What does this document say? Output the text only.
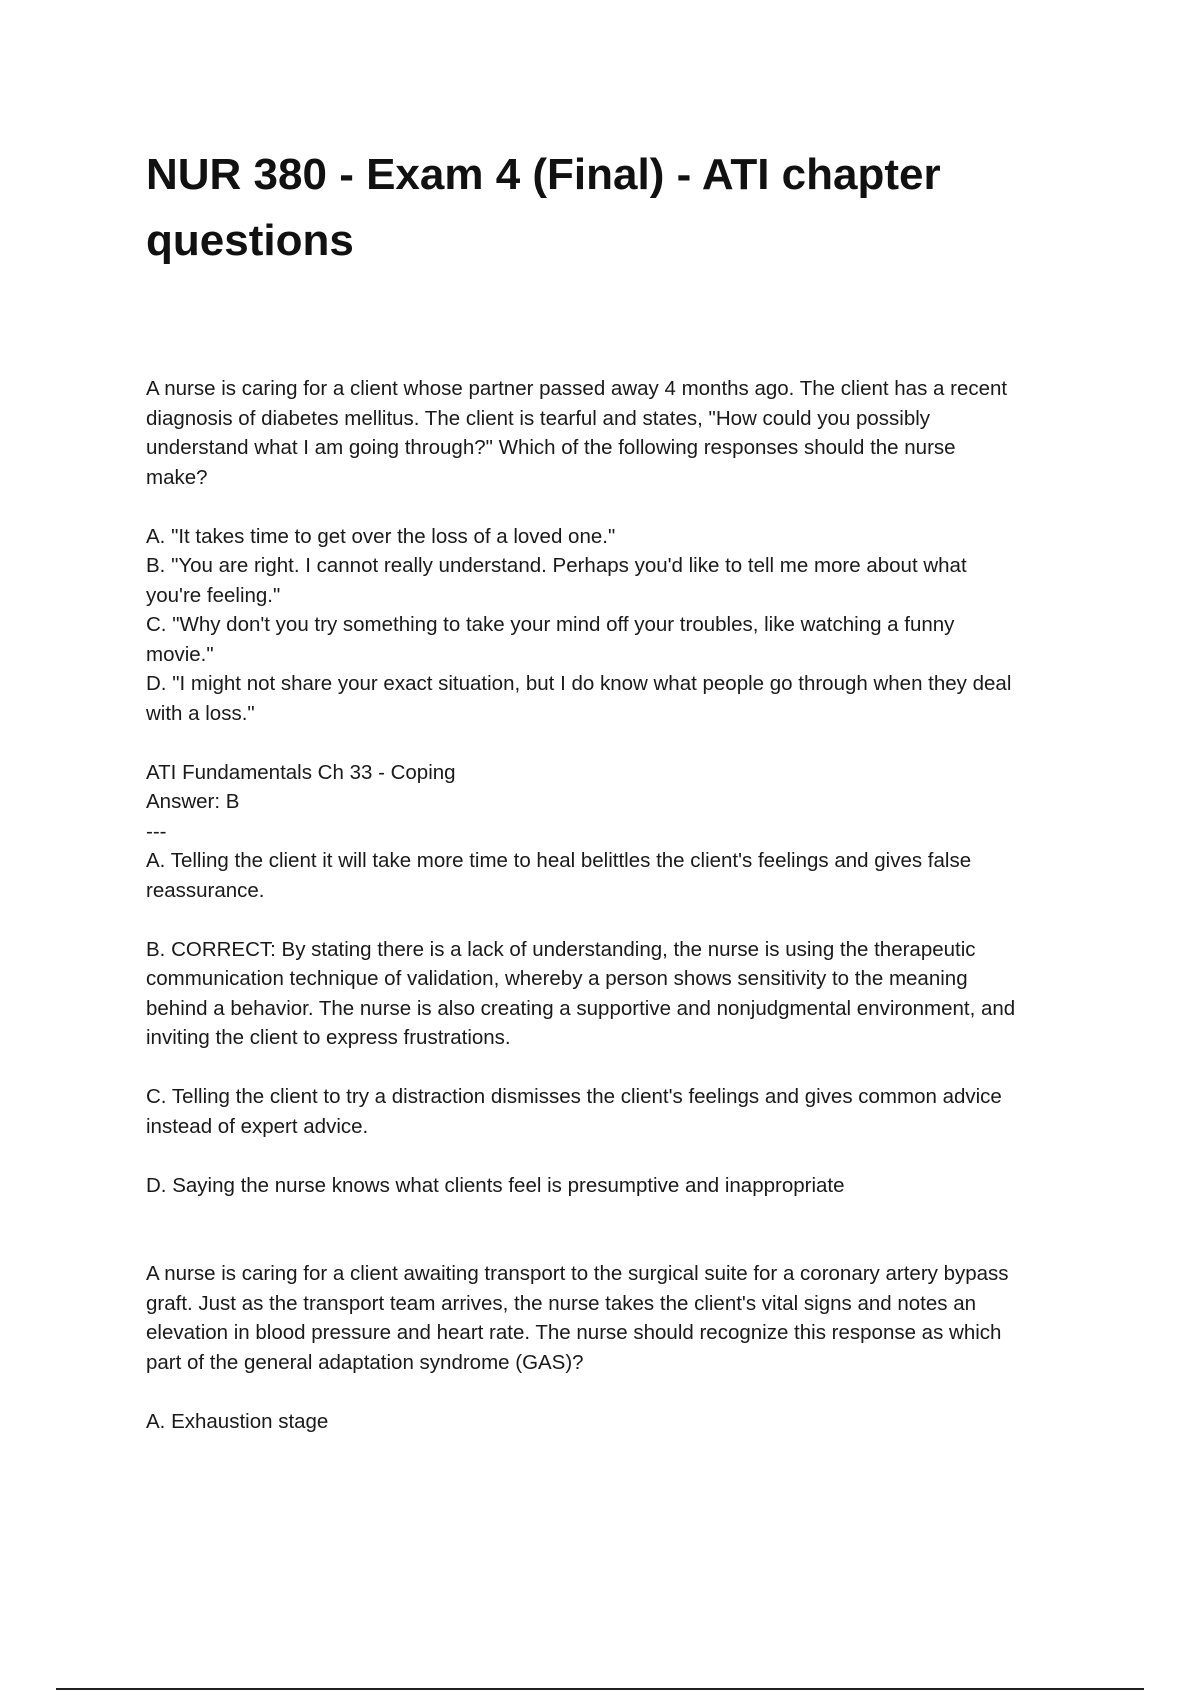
NUR 380 - Exam 4 (Final) - ATI chapter
questions

A nurse is caring for a client whose partner passed away 4 months ago. The client has a recent

diagnosis of diabetes mellitus. The client is tearful and states, "How could you possibly

understand what I am going through?" Which of the following responses should the nurse

make?

A. "It takes time to get over the loss of a loved one."

B. "You are right. I cannot really understand. Perhaps you'd like to tell me more about what

you're feeling."

C. "Why don't you try something to take your mind off your troubles, like watching a funny

movie."

D. "I might not share your exact situation, but I do know what people go through when they deal

with a loss."

ATI Fundamentals Ch 33 - Coping

Answer: B

---

A. Telling the client it will take more time to heal belittles the client's feelings and gives false

reassurance.

B. CORRECT: By stating there is a lack of understanding, the nurse is using the therapeutic

communication technique of validation, whereby a person shows sensitivity to the meaning

behind a behavior. The nurse is also creating a supportive and nonjudgmental environment, and

inviting the client to express frustrations.

C. Telling the client to try a distraction dismisses the client's feelings and gives common advice

instead of expert advice.

D. Saying the nurse knows what clients feel is presumptive and inappropriate

A nurse is caring for a client awaiting transport to the surgical suite for a coronary artery bypass

graft. Just as the transport team arrives, the nurse takes the client's vital signs and notes an

elevation in blood pressure and heart rate. The nurse should recognize this response as which

part of the general adaptation syndrome (GAS)?

A. Exhaustion stage
